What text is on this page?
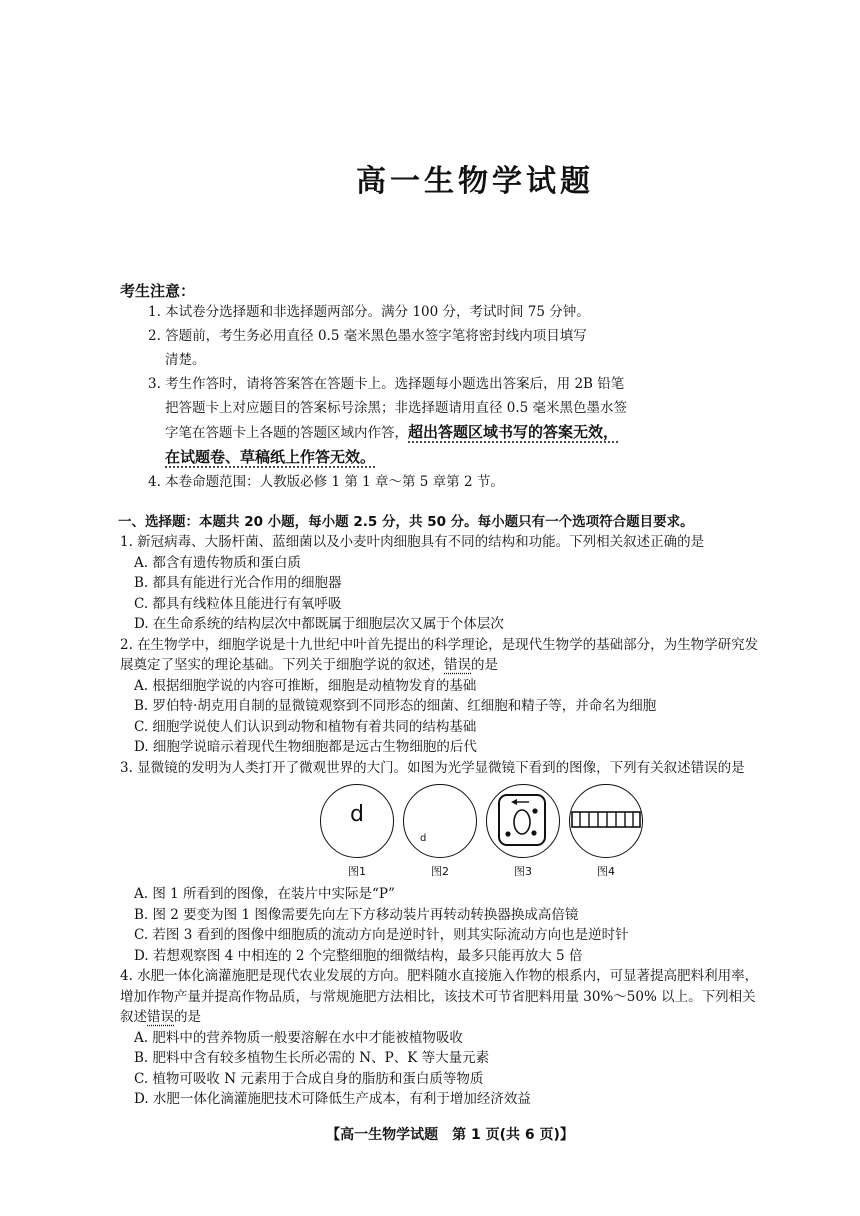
高一生物学试题
考生注意：

1. 本试卷分选择题和非选择题两部分。满分 100 分，考试时间 75 分钟。

2. 答题前，考生务必用直径 0.5 毫米黑色墨水签字笔将密封线内项目填写

清楚。

3. 考生作答时，请将答案答在答题卡上。选择题每小题选出答案后，用 2B 铅笔

把答题卡上对应题目的答案标号涂黑；非选择题请用直径 0.5 毫米黑色墨水签

字笔在答题卡上各题的答题区域内作答，超出答题区域书写的答案无效，

在试题卷、草稿纸上作答无效。

4. 本卷命题范围：人教版必修 1 第 1 章～第 5 章第 2 节。

一、选择题：本题共 20 小题，每小题 2.5 分，共 50 分。每小题只有一个选项符合题目要求。

1. 新冠病毒、大肠杆菌、蓝细菌以及小麦叶肉细胞具有不同的结构和功能。下列相关叙述正确的是

A. 都含有遗传物质和蛋白质

B. 都具有能进行光合作用的细胞器

C. 都具有线粒体且能进行有氧呼吸

D. 在生命系统的结构层次中都既属于细胞层次又属于个体层次

2. 在生物学中，细胞学说是十九世纪中叶首先提出的科学理论，是现代生物学的基础部分，为生物学研究发展奠定了坚实的理论基础。下列关于细胞学说的叙述，错误的是

A. 根据细胞学说的内容可推断，细胞是动植物发育的基础

B. 罗伯特·胡克用自制的显微镜观察到不同形态的细菌、红细胞和精子等，并命名为细胞

C. 细胞学说使人们认识到动物和植物有着共同的结构基础

D. 细胞学说暗示着现代生物细胞都是远古生物细胞的后代

3. 显微镜的发明为人类打开了微观世界的大门。如图为光学显微镜下看到的图像，下列有关叙述错误的是

d
d
图1	图2	图3	图4

A. 图 1 所看到的图像，在装片中实际是“P”

B. 图 2 要变为图 1 图像需要先向左下方移动装片再转动转换器换成高倍镜

C. 若图 3 看到的图像中细胞质的流动方向是逆时针，则其实际流动方向也是逆时针

D. 若想观察图 4 中相连的 2 个完整细胞的细微结构，最多只能再放大 5 倍

4. 水肥一体化滴灌施肥是现代农业发展的方向。肥料随水直接施入作物的根系内，可显著提高肥料利用率，增加作物产量并提高作物品质，与常规施肥方法相比，该技术可节省肥料用量 30%～50% 以上。下列相关叙述错误的是

A. 肥料中的营养物质一般要溶解在水中才能被植物吸收

B. 肥料中含有较多植物生长所必需的 N、P、K 等大量元素

C. 植物可吸收 N 元素用于合成自身的脂肪和蛋白质等物质

D. 水肥一体化滴灌施肥技术可降低生产成本，有利于增加经济效益

【高一生物学试题　第 1 页(共 6 页)】
